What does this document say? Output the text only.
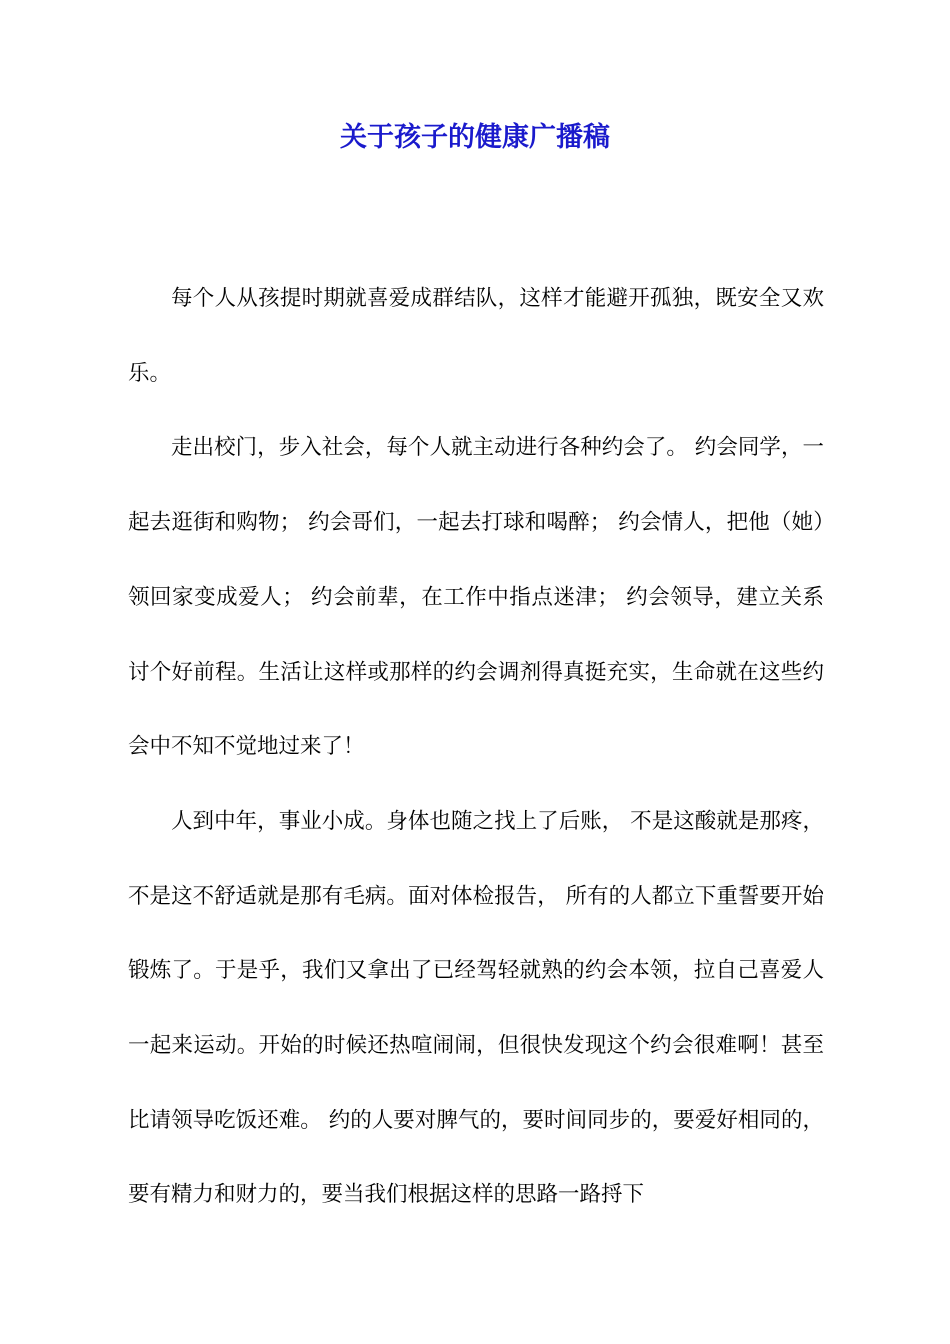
关于孩子的健康广播稿

每个人从孩提时期就喜爱成群结队，这样才能避开孤独，既安全又欢乐。

走出校门，步入社会，每个人就主动进行各种约会了。 约会同学，一起去逛街和购物； 约会哥们，一起去打球和喝醉； 约会情人，把他（她）领回家变成爱人； 约会前辈，在工作中指点迷津； 约会领导，建立关系讨个好前程。生活让这样或那样的约会调剂得真挺充实，生命就在这些约会中不知不觉地过来了！

人到中年，事业小成。身体也随之找上了后账， 不是这酸就是那疼，不是这不舒适就是那有毛病。面对体检报告， 所有的人都立下重誓要开始锻炼了。于是乎，我们又拿出了已经驾轻就熟的约会本领，拉自己喜爱人一起来运动。开始的时候还热喧闹闹，但很快发现这个约会很难啊！甚至比请领导吃饭还难。 约的人要对脾气的，要时间同步的，要爱好相同的，要有精力和财力的，要当我们根据这样的思路一路捋下
